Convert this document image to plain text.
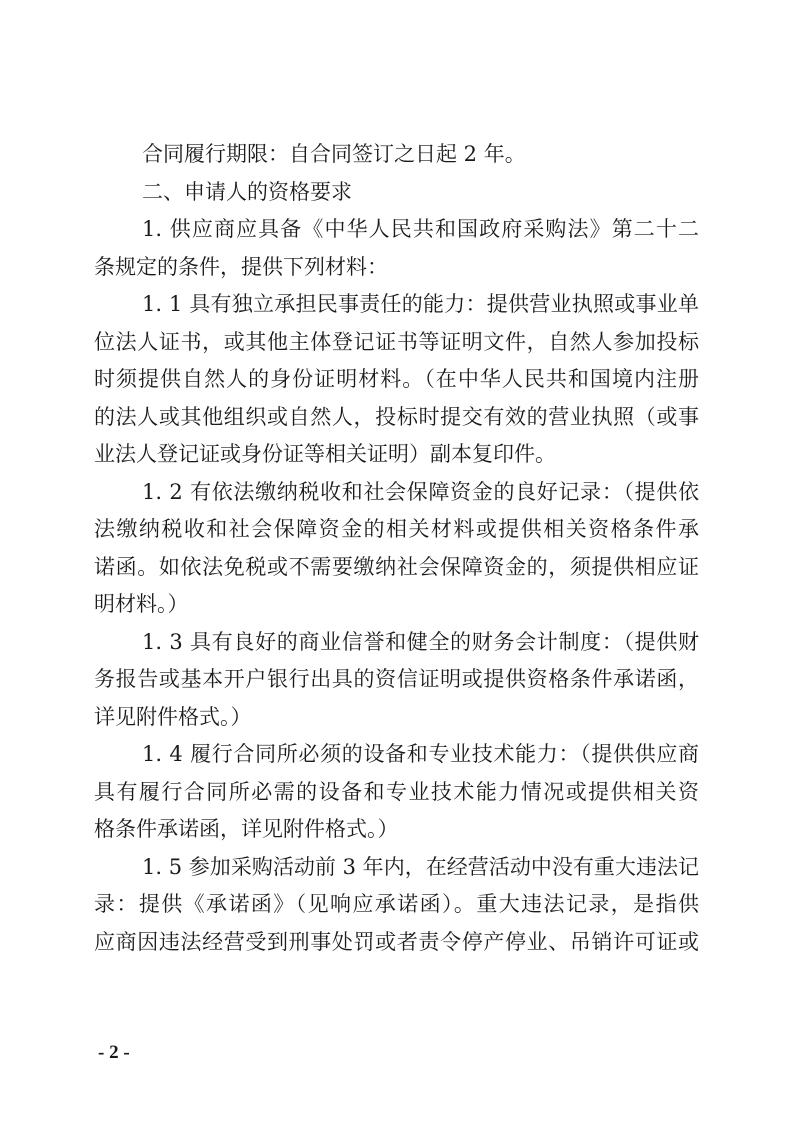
合同履行期限：自合同签订之日起 2 年。
二、申请人的资格要求
1. 供应商应具备《中华人民共和国政府采购法》第二十二
条规定的条件，提供下列材料：
1. 1 具有独立承担民事责任的能力：提供营业执照或事业单
位法人证书，或其他主体登记证书等证明文件，自然人参加投标
时须提供自然人的身份证明材料。（在中华人民共和国境内注册
的法人或其他组织或自然人，投标时提交有效的营业执照（或事
业法人登记证或身份证等相关证明）副本复印件。
1. 2 有依法缴纳税收和社会保障资金的良好记录：（提供依
法缴纳税收和社会保障资金的相关材料或提供相关资格条件承
诺函。如依法免税或不需要缴纳社会保障资金的，须提供相应证
明材料。）
1. 3 具有良好的商业信誉和健全的财务会计制度：（提供财
务报告或基本开户银行出具的资信证明或提供资格条件承诺函，
详见附件格式。）
1. 4 履行合同所必须的设备和专业技术能力：（提供供应商
具有履行合同所必需的设备和专业技术能力情况或提供相关资
格条件承诺函，详见附件格式。）
1. 5 参加采购活动前 3 年内，在经营活动中没有重大违法记
录：提供《承诺函》（见响应承诺函）。重大违法记录，是指供
应商因违法经营受到刑事处罚或者责令停产停业、吊销许可证或
- 2 -
